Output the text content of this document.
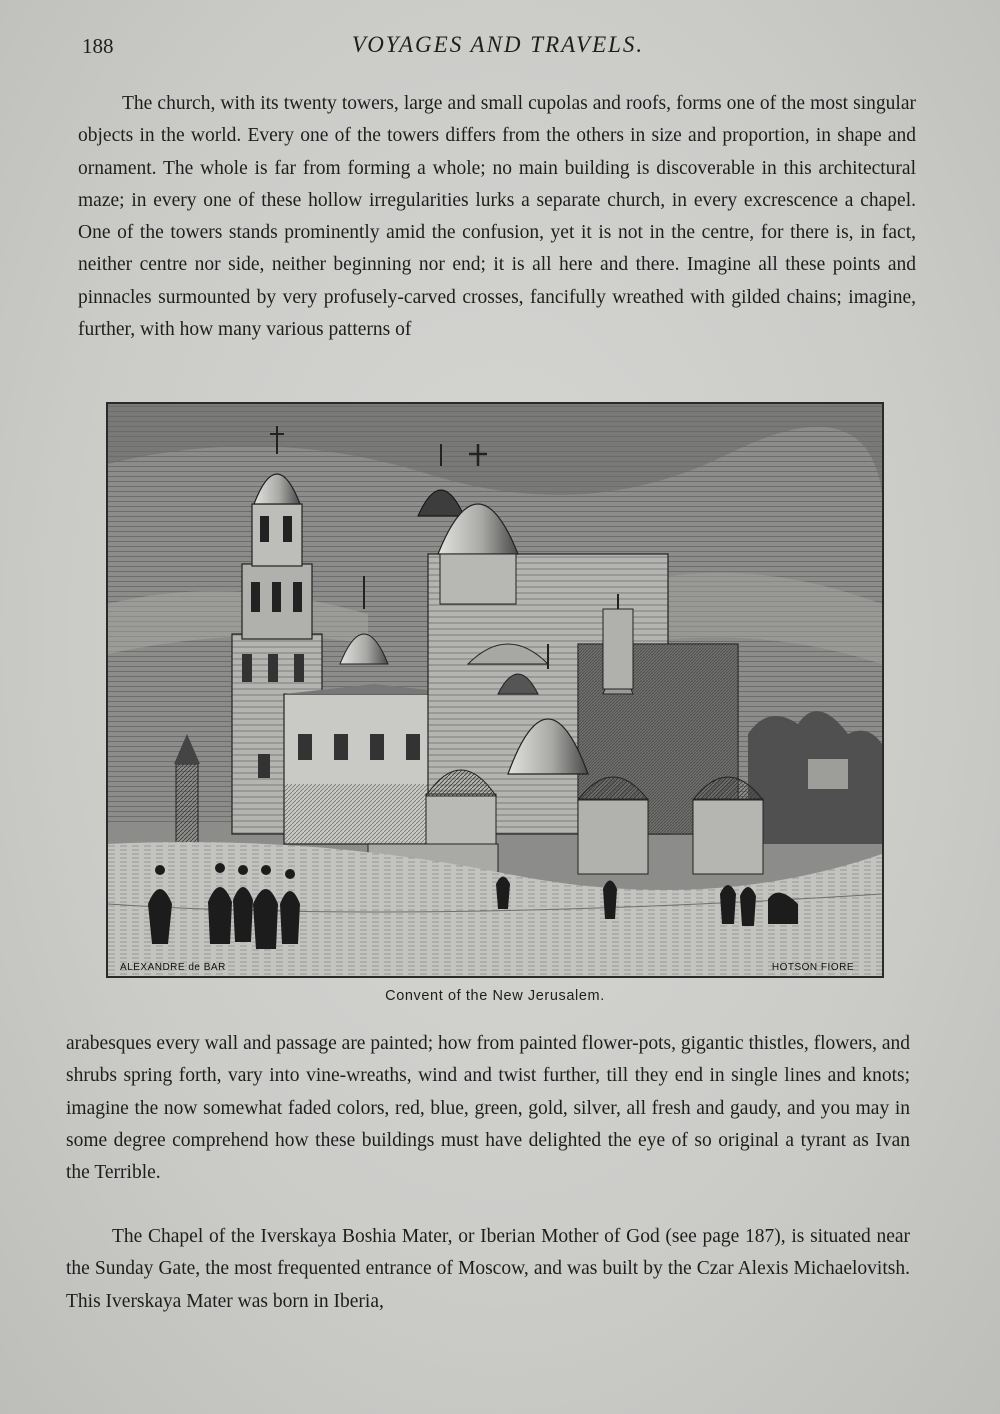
188	VOYAGES AND TRAVELS.

The church, with its twenty towers, large and small cupolas and roofs, forms one of the most singular objects in the world. Every one of the towers differs from the others in size and proportion, in shape and ornament. The whole is far from forming a whole; no main building is discoverable in this architectural maze; in every one of these hollow irregularities lurks a separate church, in every excrescence a chapel. One of the towers stands prominently amid the confusion, yet it is not in the centre, for there is, in fact, neither centre nor side, neither beginning nor end; it is all here and there. Imagine all these points and pinnacles surmounted by very profusely-carved crosses, fancifully wreathed with gilded chains; imagine, further, with how many various patterns of

ALEXANDRE de BAR	HOTSON FIORE
Convent of the New Jerusalem.

arabesques every wall and passage are painted; how from painted flower-pots, gigantic thistles, flowers, and shrubs spring forth, vary into vine-wreaths, wind and twist further, till they end in single lines and knots; imagine the now somewhat faded colors, red, blue, green, gold, silver, all fresh and gaudy, and you may in some degree comprehend how these buildings must have delighted the eye of so original a tyrant as Ivan the Terrible.

The Chapel of the Iverskaya Boshia Mater, or Iberian Mother of God (see page 187), is situated near the Sunday Gate, the most frequented entrance of Moscow, and was built by the Czar Alexis Michaelovitsh. This Iverskaya Mater was born in Iberia,
